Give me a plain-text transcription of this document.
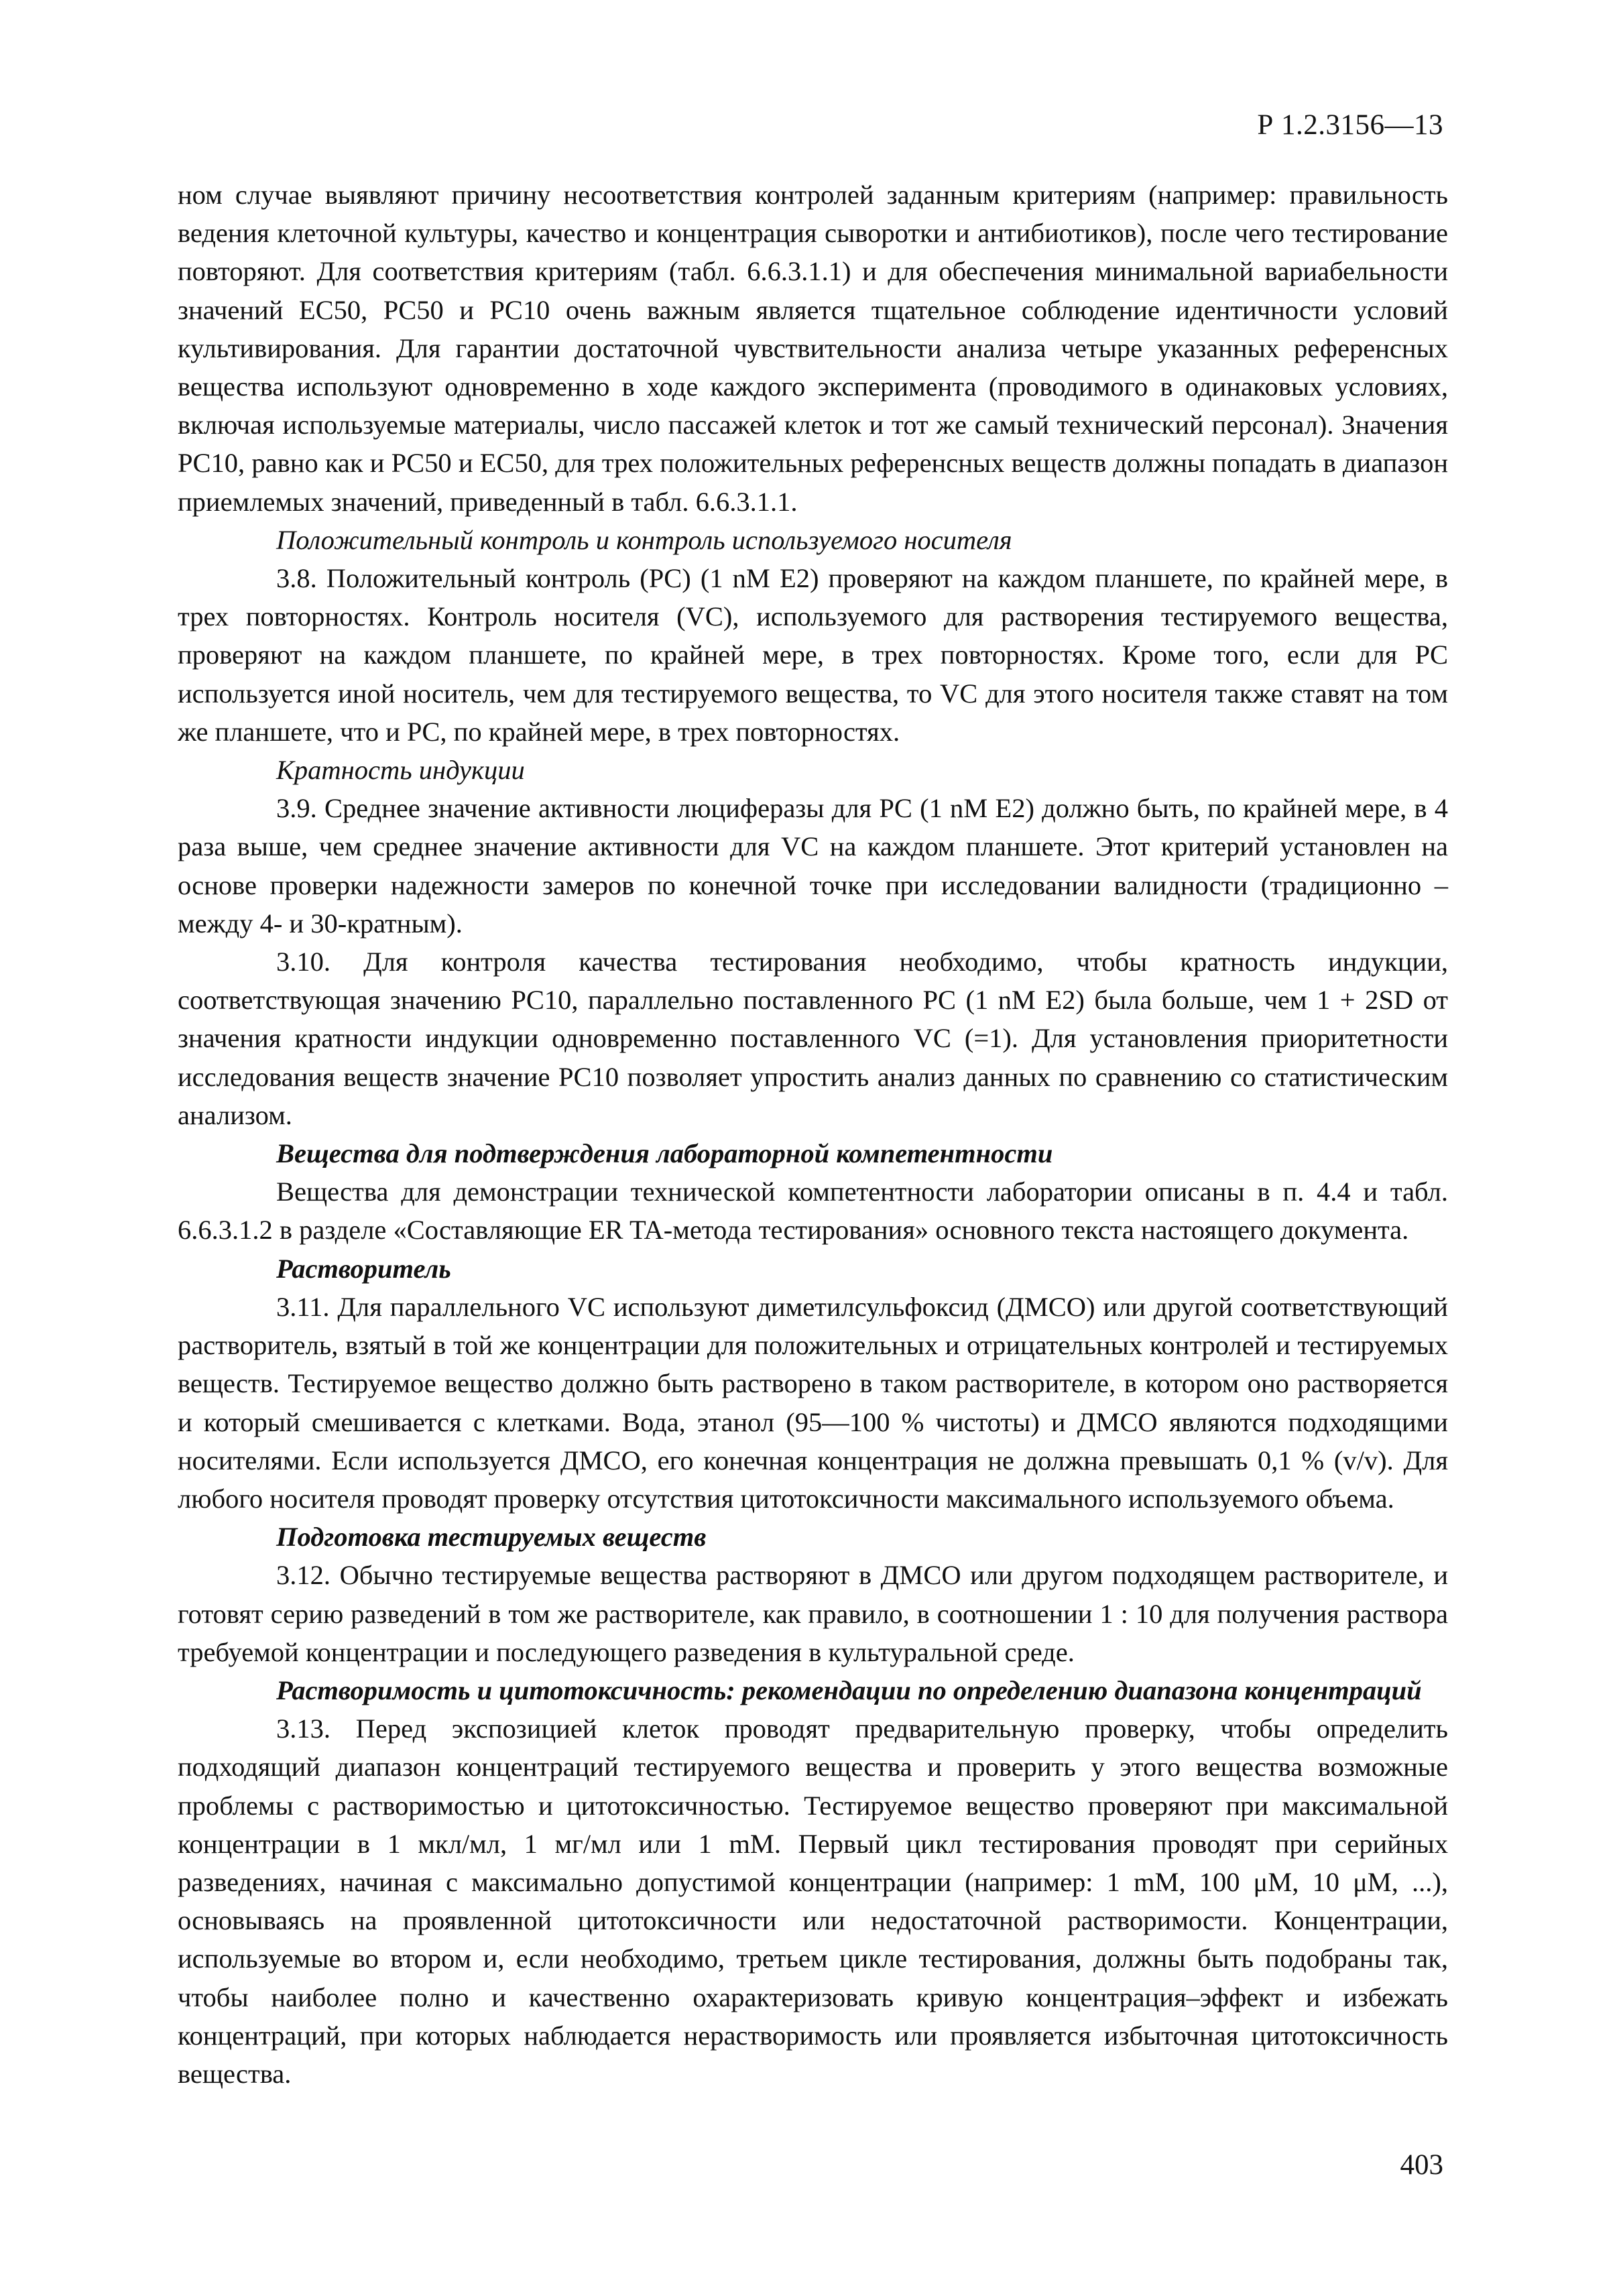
Р 1.2.3156—13

ном случае выявляют причину несоответствия контролей заданным критериям (например: правильность ведения клеточной культуры, качество и концентрация сыворотки и антибиотиков), после чего тестирование повторяют. Для соответствия критериям (табл. 6.6.3.1.1) и для обеспечения минимальной вариабельности значений EC50, PC50 и PC10 очень важным является тщательное соблюдение идентичности условий культивирования. Для гарантии достаточной чувствительности анализа четыре указанных референсных вещества используют одновременно в ходе каждого эксперимента (проводимого в одинаковых условиях, включая используемые материалы, число пассажей клеток и тот же самый технический персонал). Значения PC10, равно как и PC50 и EC50, для трех положительных референсных веществ должны попадать в диапазон приемлемых значений, приведенный в табл. 6.6.3.1.1.

Положительный контроль и контроль используемого носителя

3.8. Положительный контроль (PC) (1 nM E2) проверяют на каждом планшете, по крайней мере, в трех повторностях. Контроль носителя (VC), используемого для растворения тестируемого вещества, проверяют на каждом планшете, по крайней мере, в трех повторностях. Кроме того, если для PC используется иной носитель, чем для тестируемого вещества, то VC для этого носителя также ставят на том же планшете, что и PC, по крайней мере, в трех повторностях.

Кратность индукции

3.9. Среднее значение активности люциферазы для PC (1 nM E2) должно быть, по крайней мере, в 4 раза выше, чем среднее значение активности для VC на каждом планшете. Этот критерий установлен на основе проверки надежности замеров по конечной точке при исследовании валидности (традиционно – между 4- и 30-кратным).

3.10. Для контроля качества тестирования необходимо, чтобы кратность индукции, соответствующая значению PC10, параллельно поставленного PC (1 nM E2) была больше, чем 1 + 2SD от значения кратности индукции одновременно поставленного VC (=1). Для установления приоритетности исследования веществ значение PC10 позволяет упростить анализ данных по сравнению со статистическим анализом.

Вещества для подтверждения лабораторной компетентности

Вещества для демонстрации технической компетентности лаборатории описаны в п. 4.4 и табл. 6.6.3.1.2 в разделе «Составляющие ER TA-метода тестирования» основного текста настоящего документа.

Растворитель

3.11. Для параллельного VC используют диметилсульфоксид (ДМСО) или другой соответствующий растворитель, взятый в той же концентрации для положительных и отрицательных контролей и тестируемых веществ. Тестируемое вещество должно быть растворено в таком растворителе, в котором оно растворяется и который смешивается с клетками. Вода, этанол (95—100 % чистоты) и ДМСО являются подходящими носителями. Если используется ДМСО, его конечная концентрация не должна превышать 0,1 % (v/v). Для любого носителя проводят проверку отсутствия цитотоксичности максимального используемого объема.

Подготовка тестируемых веществ

3.12. Обычно тестируемые вещества растворяют в ДМСО или другом подходящем растворителе, и готовят серию разведений в том же растворителе, как правило, в соотношении 1 : 10 для получения раствора требуемой концентрации и последующего разведения в культуральной среде.

Растворимость и цитотоксичность: рекомендации по определению диапазона концентраций

3.13. Перед экспозицией клеток проводят предварительную проверку, чтобы определить подходящий диапазон концентраций тестируемого вещества и проверить у этого вещества возможные проблемы с растворимостью и цитотоксичностью. Тестируемое вещество проверяют при максимальной концентрации в 1 мкл/мл, 1 мг/мл или 1 mM. Первый цикл тестирования проводят при серийных разведениях, начиная с максимально допустимой концентрации (например: 1 mM, 100 μM, 10 μM, ...), основываясь на проявленной цитотоксичности или недостаточной растворимости. Концентрации, используемые во втором и, если необходимо, третьем цикле тестирования, должны быть подобраны так, чтобы наиболее полно и качественно охарактеризовать кривую концентрация–эффект и избежать концентраций, при которых наблюдается нерастворимость или проявляется избыточная цитотоксичность вещества.

403
